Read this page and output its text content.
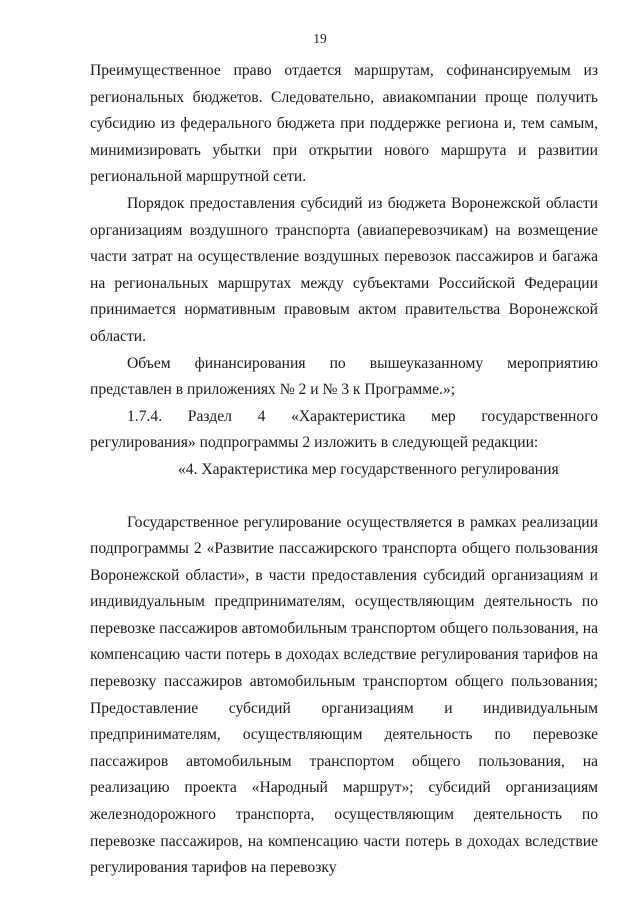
19

Преимущественное право отдается маршрутам, софинансируемым из региональных бюджетов. Следовательно, авиакомпании проще получить субсидию из федерального бюджета при поддержке региона и, тем самым, минимизировать убытки при открытии нового маршрута и развитии региональной маршрутной сети.

Порядок предоставления субсидий из бюджета Воронежской области организациям воздушного транспорта (авиаперевозчикам) на возмещение части затрат на осуществление воздушных перевозок пассажиров и багажа на региональных маршрутах между субъектами Российской Федерации принимается нормативным правовым актом правительства Воронежской области.

Объем финансирования по вышеуказанному мероприятию представлен в приложениях № 2 и № 3 к Программе.»;

1.7.4. Раздел 4 «Характеристика мер государственного регулирования» подпрограммы 2 изложить в следующей редакции:

«4. Характеристика мер государственного регулирования

Государственное регулирование осуществляется в рамках реализации подпрограммы 2 «Развитие пассажирского транспорта общего пользования Воронежской области», в части предоставления субсидий организациям и индивидуальным предпринимателям, осуществляющим деятельность по перевозке пассажиров автомобильным транспортом общего пользования, на компенсацию части потерь в доходах вследствие регулирования тарифов на перевозку пассажиров автомобильным транспортом общего пользования; Предоставление субсидий организациям и индивидуальным предпринимателям, осуществляющим деятельность по перевозке пассажиров автомобильным транспортом общего пользования, на реализацию проекта «Народный маршрут»; субсидий организациям железнодорожного транспорта, осуществляющим деятельность по перевозке пассажиров, на компенсацию части потерь в доходах вследствие регулирования тарифов на перевозку
